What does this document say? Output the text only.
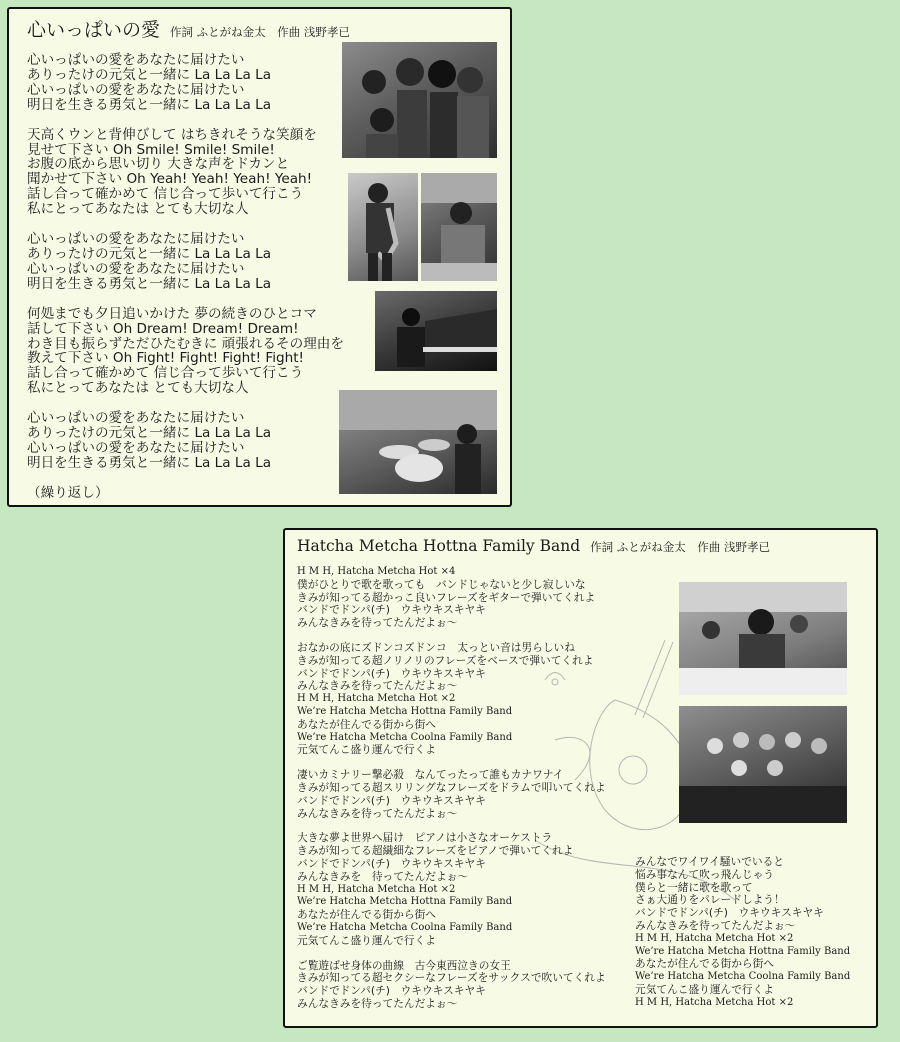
心いっぱいの愛 作詞 ふとがね金太　作曲 浅野孝已
心いっぱいの愛をあなたに届けたい
ありったけの元気と一緒に La La La La
心いっぱいの愛をあなたに届けたい
明日を生きる勇気と一緒に La La La La
天高くウンと背伸びして はちきれそうな笑顔を
見せて下さい Oh Smile! Smile! Smile!
お腹の底から思い切り 大きな声をドカンと
聞かせて下さい Oh Yeah! Yeah! Yeah! Yeah!
話し合って確かめて 信じ合って歩いて行こう
私にとってあなたは とても大切な人
心いっぱいの愛をあなたに届けたい
ありったけの元気と一緒に La La La La
心いっぱいの愛をあなたに届けたい
明日を生きる勇気と一緒に La La La La
何処までも夕日追いかけた 夢の続きのひとコマ
話して下さい Oh Dream! Dream! Dream!
わき目も振らずただひたむきに 頑張れるその理由を
教えて下さい Oh Fight! Fight! Fight! Fight!
話し合って確かめて 信じ合って歩いて行こう
私にとってあなたは とても大切な人
心いっぱいの愛をあなたに届けたい
ありったけの元気と一緒に La La La La
心いっぱいの愛をあなたに届けたい
明日を生きる勇気と一緒に La La La La
（繰り返し）
Hatcha Metcha Hottna Family Band 作詞 ふとがね金太　作曲 浅野孝已
H M H, Hatcha Metcha Hot ×4
僕がひとりで歌を歌っても　バンドじゃないと少し寂しいな
きみが知ってる超かっこ良いフレーズをギターで弾いてくれよ
バンドでドンパ(チ)　ウキウキスキヤキ
みんなきみを待ってたんだよぉ～
おなかの底にズドンコズドンコ　太っとい音は男らしいね
きみが知ってる超ノリノリのフレーズをベースで弾いてくれよ
バンドでドンパ(チ)　ウキウキスキヤキ
みんなきみを待ってたんだよぉ～
H M H, Hatcha Metcha Hot ×2
We’re Hatcha Metcha Hottna Family Band
あなたが住んでる街から街へ
We’re Hatcha Metcha Coolna Family Band
元気てんこ盛り運んで行くよ
凄いカミナリー撃必殺　なんてったって誰もカナワナイ
きみが知ってる超スリリングなフレーズをドラムで叩いてくれよ
バンドでドンパ(チ)　ウキウキスキヤキ
みんなきみを待ってたんだよぉ～
大きな夢よ世界へ届け　ピアノは小さなオーケストラ
きみが知ってる超繊細なフレーズをピアノで弾いてくれよ
バンドでドンパ(チ)　ウキウキスキヤキ
みんなきみを　待ってたんだよぉ～
H M H, Hatcha Metcha Hot ×2
We’re Hatcha Metcha Hottna Family Band
あなたが住んでる街から街へ
We’re Hatcha Metcha Coolna Family Band
元気てんこ盛り運んで行くよ
ご覧遊ばせ身体の曲線　古今東西泣きの女王
きみが知ってる超セクシーなフレーズをサックスで吹いてくれよ
バンドでドンパ(チ)　ウキウキスキヤキ
みんなきみを待ってたんだよぉ～
みんなでワイワイ騒いでいると
悩み事なんて吹っ飛んじゃう
僕らと一緒に歌を歌って
さぁ大通りをパレードしよう！
バンドでドンパ(チ)　ウキウキスキヤキ
みんなきみを待ってたんだよぉ～
H M H, Hatcha Metcha Hot ×2
We’re Hatcha Metcha Hottna Family Band
あなたが住んでる街から街へ
We’re Hatcha Metcha Coolna Family Band
元気てんこ盛り運んで行くよ
H M H, Hatcha Metcha Hot ×2
